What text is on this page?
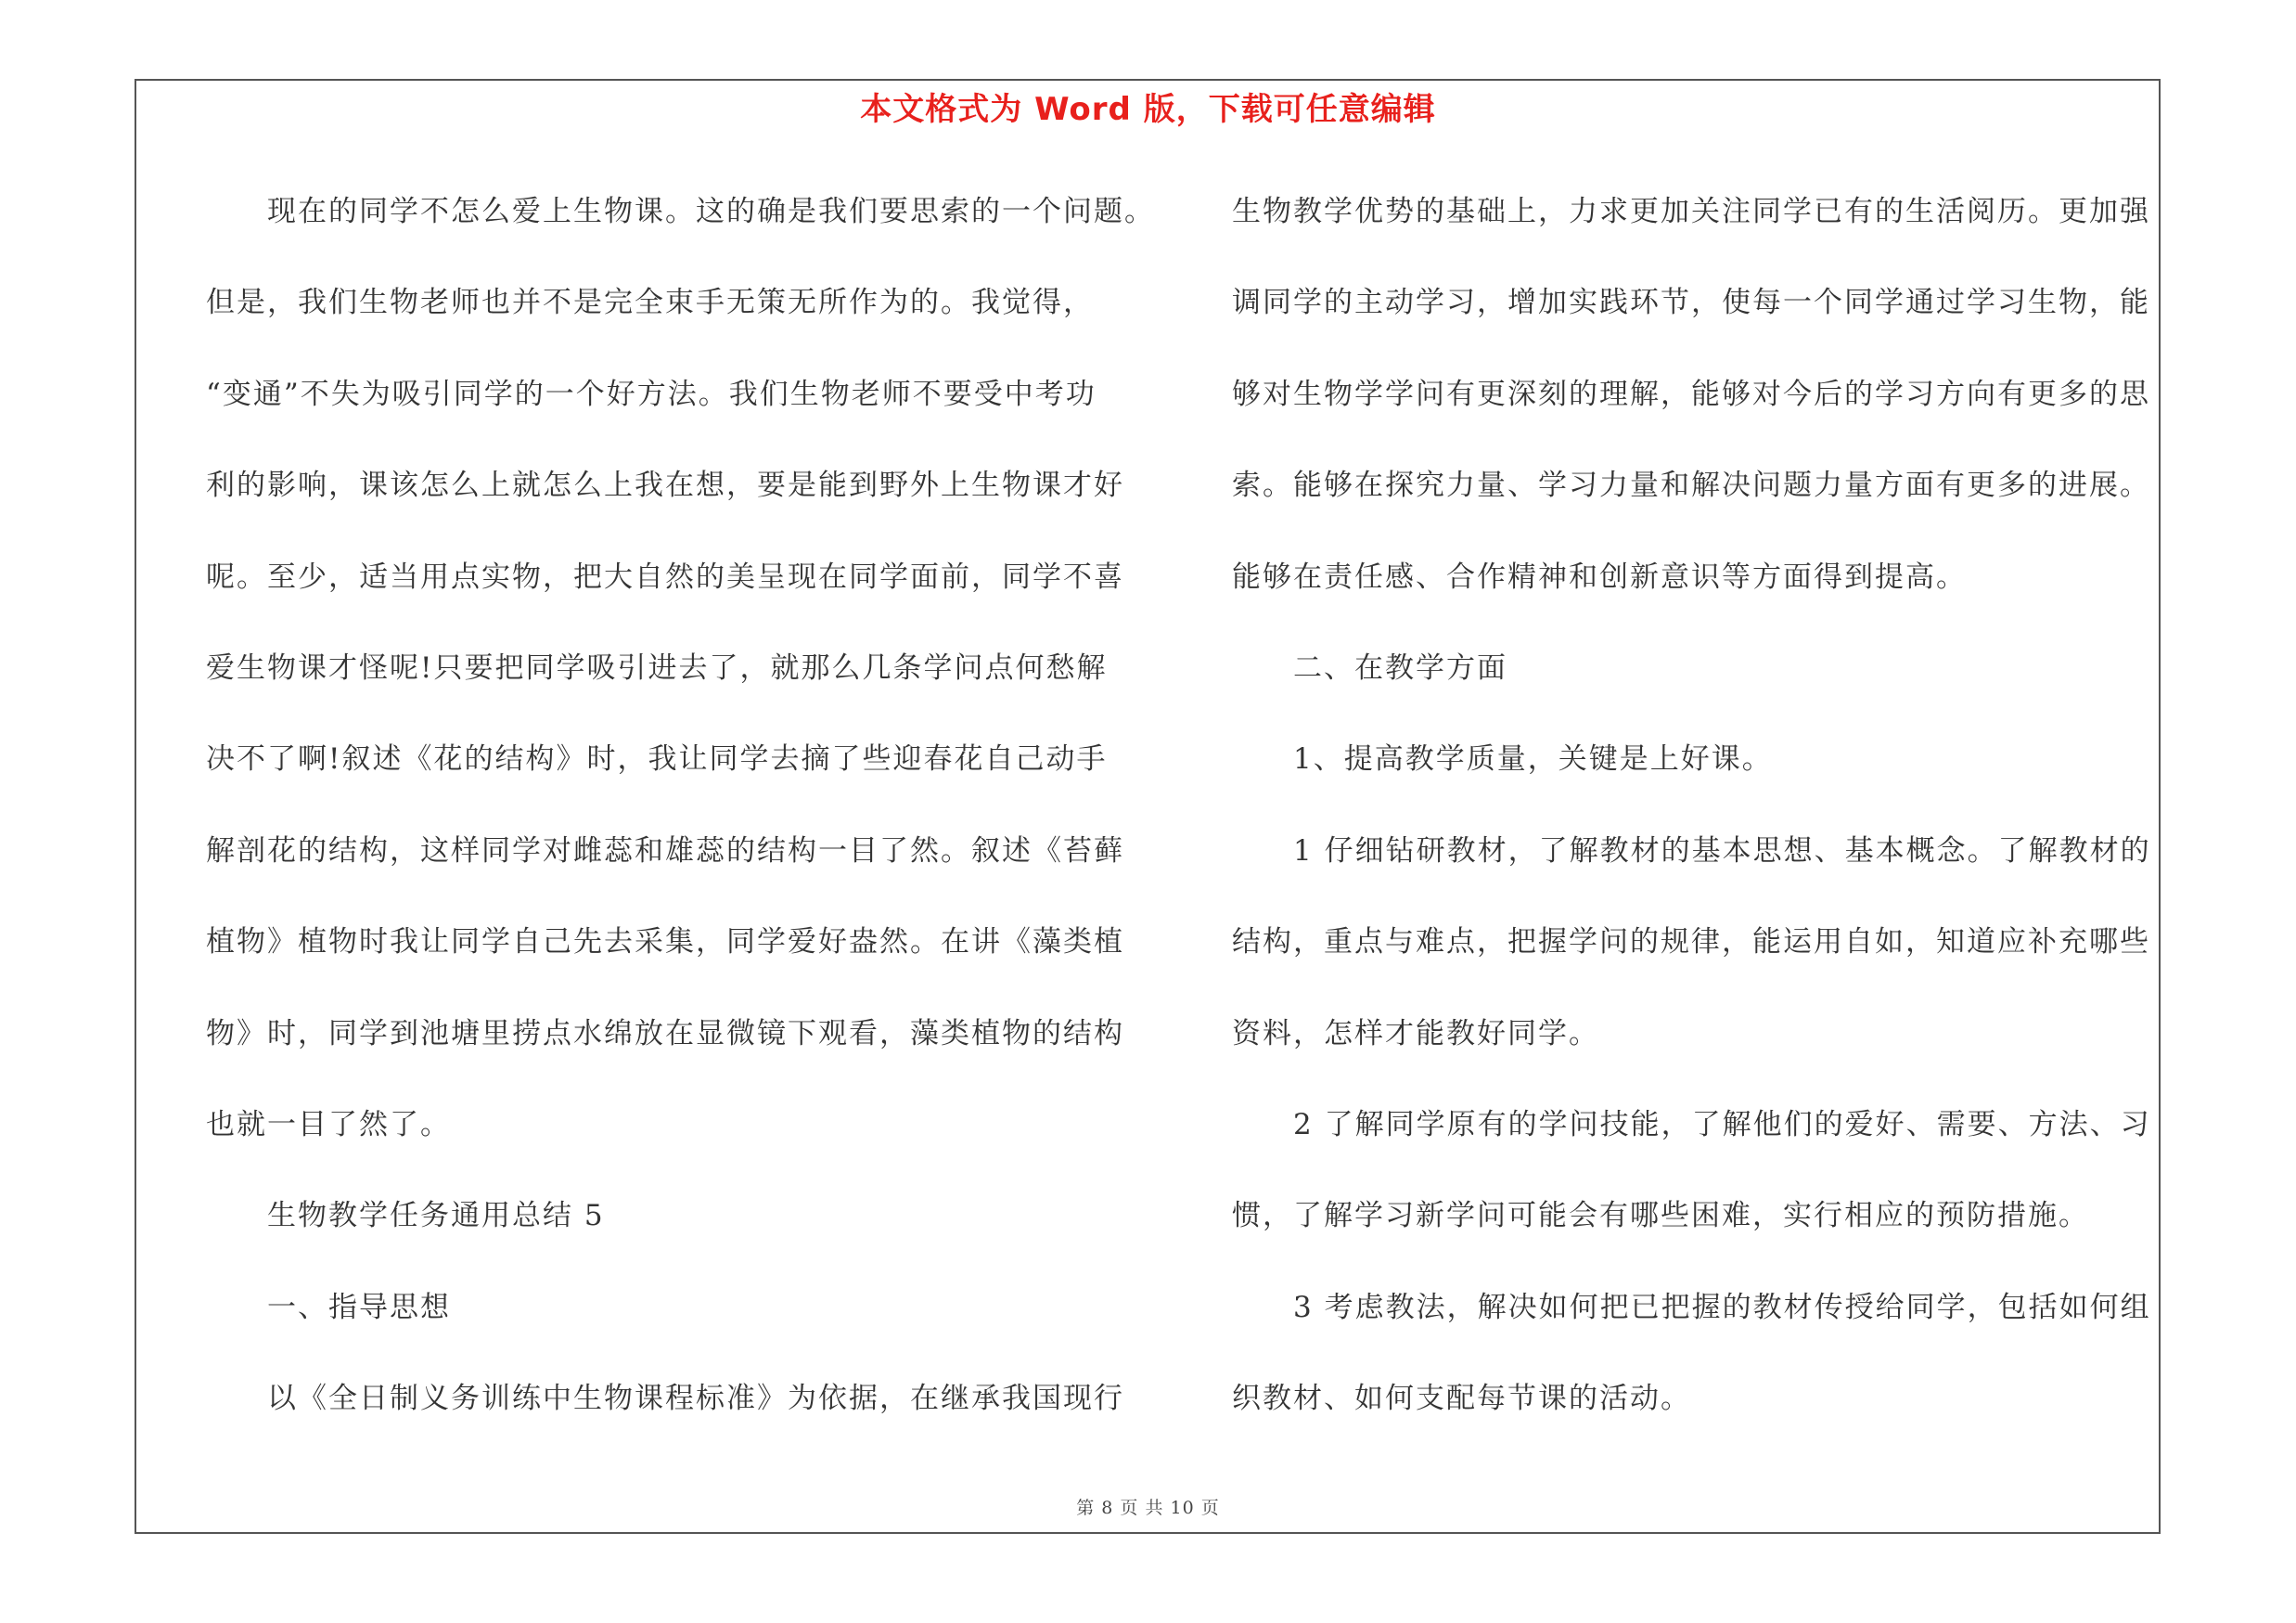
本文格式为 Word 版，下载可任意编辑
现在的同学不怎么爱上生物课。这的确是我们要思索的一个问题。
但是，我们生物老师也并不是完全束手无策无所作为的。我觉得，
“变通”不失为吸引同学的一个好方法。我们生物老师不要受中考功
利的影响，课该怎么上就怎么上我在想，要是能到野外上生物课才好
呢。至少，适当用点实物，把大自然的美呈现在同学面前，同学不喜
爱生物课才怪呢!只要把同学吸引进去了，就那么几条学问点何愁解
决不了啊!叙述《花的结构》时，我让同学去摘了些迎春花自己动手
解剖花的结构，这样同学对雌蕊和雄蕊的结构一目了然。叙述《苔藓
植物》植物时我让同学自己先去采集，同学爱好盎然。在讲《藻类植
物》时，同学到池塘里捞点水绵放在显微镜下观看，藻类植物的结构
也就一目了然了。
生物教学任务通用总结 5
一、指导思想
以《全日制义务训练中生物课程标准》为依据，在继承我国现行
生物教学优势的基础上，力求更加关注同学已有的生活阅历。更加强
调同学的主动学习，增加实践环节，使每一个同学通过学习生物，能
够对生物学学问有更深刻的理解，能够对今后的学习方向有更多的思
索。能够在探究力量、学习力量和解决问题力量方面有更多的进展。
能够在责任感、合作精神和创新意识等方面得到提高。
二、在教学方面
1、提高教学质量，关键是上好课。
1 仔细钻研教材，了解教材的基本思想、基本概念。了解教材的
结构，重点与难点，把握学问的规律，能运用自如，知道应补充哪些
资料，怎样才能教好同学。
2 了解同学原有的学问技能，了解他们的爱好、需要、方法、习
惯，了解学习新学问可能会有哪些困难，实行相应的预防措施。
3 考虑教法，解决如何把已把握的教材传授给同学，包括如何组
织教材、如何支配每节课的活动。
第 8 页 共 10 页
